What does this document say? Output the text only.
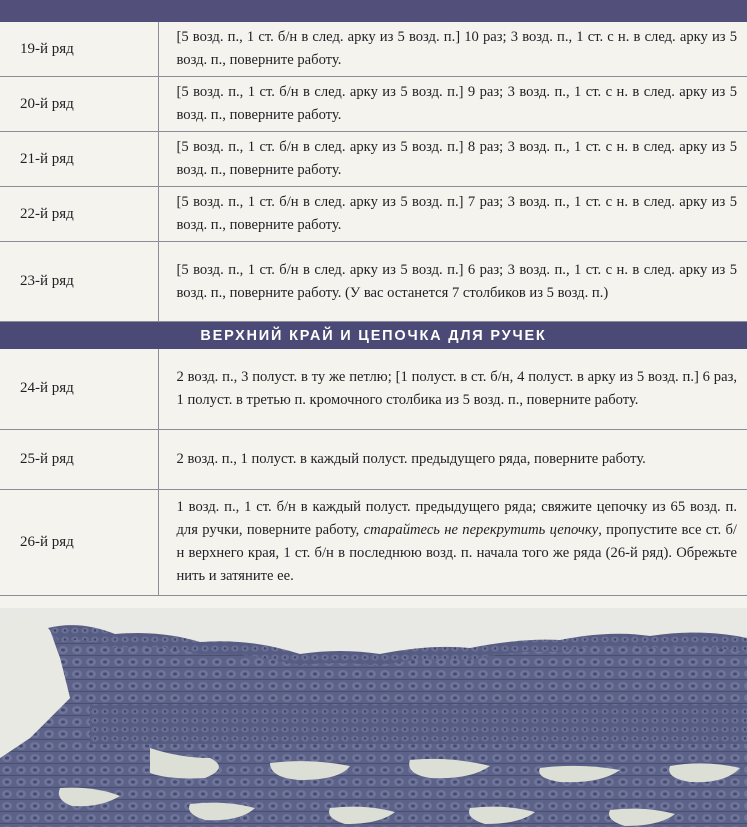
19-й ряд	[5 возд. п., 1 ст. б/н в след. арку из 5 возд. п.] 10 раз; 3 возд. п., 1 ст. с н. в след. арку из 5 возд. п., поверните работу.
20-й ряд	[5 возд. п., 1 ст. б/н в след. арку из 5 возд. п.] 9 раз; 3 возд. п., 1 ст. с н. в след. арку из 5 возд. п., поверните работу.
21-й ряд	[5 возд. п., 1 ст. б/н в след. арку из 5 возд. п.] 8 раз; 3 возд. п., 1 ст. с н. в след. арку из 5 возд. п., поверните работу.
22-й ряд	[5 возд. п., 1 ст. б/н в след. арку из 5 возд. п.] 7 раз; 3 возд. п., 1 ст. с н. в след. арку из 5 возд. п., поверните работу.
23-й ряд	[5 возд. п., 1 ст. б/н в след. арку из 5 возд. п.] 6 раз; 3 возд. п., 1 ст. с н. в след. арку из 5 возд. п., поверните работу. (У вас останется 7 столбиков из 5 возд. п.)
ВЕРХНИЙ КРАЙ И ЦЕПОЧКА ДЛЯ РУЧЕК	
24-й ряд	2 возд. п., 3 полуст. в ту же петлю; [1 полуст. в ст. б/н, 4 полуст. в арку из 5 возд. п.] 6 раз, 1 полуст. в третью п. кромочного столбика из 5 возд. п., поверните работу.
25-й ряд	2 возд. п., 1 полуст. в каждый полуст. предыдущего ряда, поверните работу.
26-й ряд	1 возд. п., 1 ст. б/н в каждый полуст. предыдущего ряда; свяжите цепочку из 65 возд. п. для ручки, поверните работу, старайтесь не перекрутить цепочку, пропустите все ст. б/н верхнего края, 1 ст. б/н в последнюю возд. п. начала того же ряда (26-й ряд). Обрежьте нить и затяните ее.
